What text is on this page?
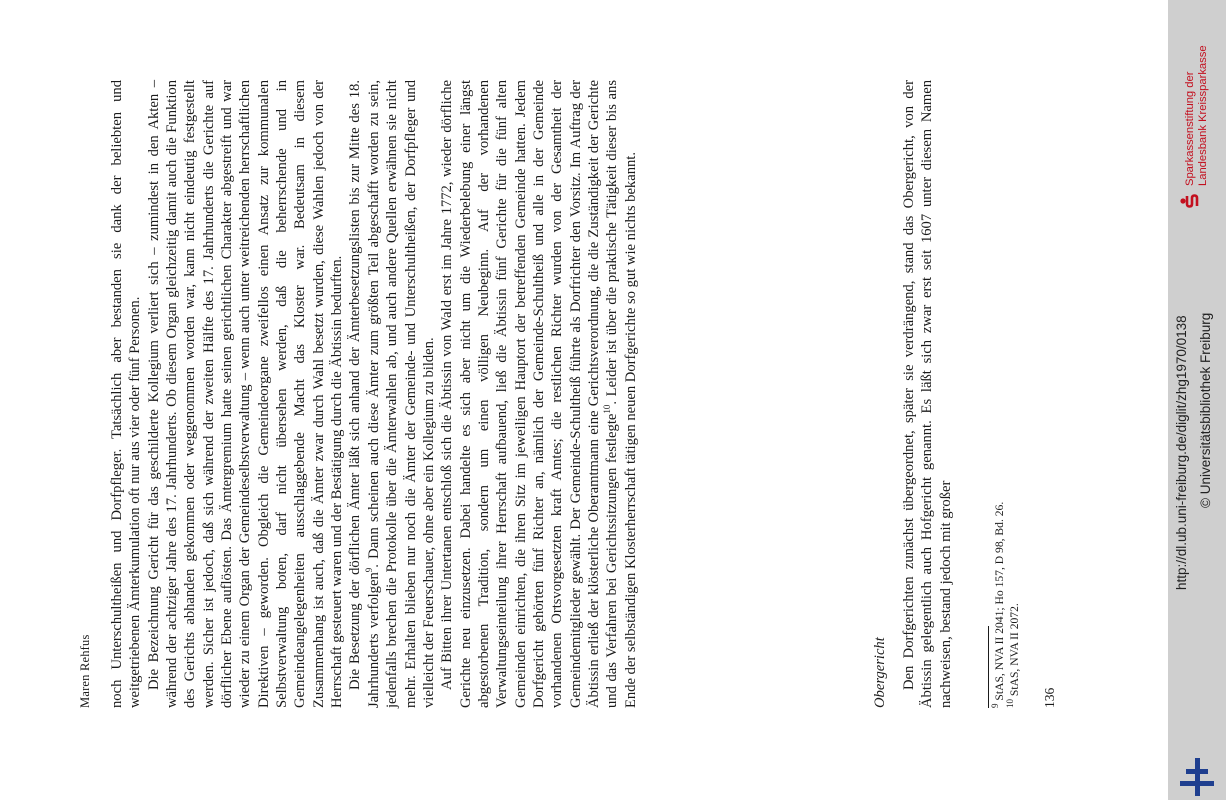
Maren Rehfus noch Unterschultheißen und Dorfpfleger. Tatsächlich aber bestanden sie dank der beliebten und weitgetriebenen Ämterkumulation oft nur aus vier oder fünf Personen. Die Bezeichnung Gericht für das geschilderte Kollegium verliert sich – zumindest in den Akten – während der achtziger Jahre des 17. Jahrhunderts. Ob diesem Organ gleichzeitig damit auch die Funktion des Gerichts abhanden gekommen oder weggenommen worden war, kann nicht eindeutig festgestellt werden. Sicher ist jedoch, daß sich während der zweiten Hälfte des 17. Jahrhunderts die Gerichte auf dörflicher Ebene auflösten. Das Ämtergremium hatte seinen gerichtlichen Charakter abgestreift und war wieder zu einem Organ der Gemeindeselbstverwaltung – wenn auch unter weitreichenden herrschaftlichen Direktiven – geworden. Obgleich die Gemeindeorgane zweifellos einen Ansatz zur kommunalen Selbstverwaltung boten, darf nicht übersehen werden, daß die beherrschende und in Gemeindeangelegenheiten ausschlaggebende Macht das Kloster war. Bedeutsam in diesem Zusammenhang ist auch, daß die Ämter zwar durch Wahl besetzt wurden, diese Wahlen jedoch von der Herrschaft gesteuert waren und der Bestätigung durch die Äbtissin bedurften. Die Besetzung der dörflichen Ämter läßt sich anhand der Ämterbesetzungslisten bis zur Mitte des 18. Jahrhunderts verfolgen$^9$. Dann scheinen auch diese Ämter zum größten Teil abgeschafft worden zu sein, jedenfalls brechen die Protokolle über die Ämterwahlen ab, und auch andere Quellen erwähnen sie nicht mehr. Erhalten blieben nur noch die Ämter der Gemeinde- und Unterschultheißen, der Dorfpfleger und vielleicht der Feuerschauer, ohne aber ein Kollegium zu bilden. Auf Bitten ihrer Untertanen entschloß sich die Äbtissin von Wald erst im Jahre 1772, wieder dörfliche Gerichte neu einzusetzen. Dabei handelte es sich aber nicht um die Wiederbelebung einer längst abgestorbenen Tradition, sondern um einen völligen Neubeginn. Auf der vorhandenen Verwaltungseinteilung ihrer Herrschaft aufbauend, ließ die Äbtissin fünf Gerichte für die fünf alten Gemeinden einrichten, die ihren Sitz im jeweiligen Hauptort der betreffenden Gemeinde hatten. Jedem Dorfgericht gehörten fünf Richter an, nämlich der Gemeinde-Schultheiß und alle in der Gemeinde vorhandenen Ortsvorgesetzten kraft Amtes; die restlichen Richter wurden von der Gesamtheit der Gemeindemitglieder gewählt. Der Gemeinde-Schultheiß führte als Dorfrichter den Vorsitz. Im Auftrag der Äbtissin erließ der klösterliche Oberamtmann eine Gerichtsverordnung, die die Zuständigkeit der Gerichte und das Verfahren bei Gerichtssitzungen festlegte$^{10}$. Leider ist über die praktische Tätigkeit dieser bis ans Ende der selbständigen Klosterherrschaft tätigen neuen Dorfgerichte so gut wie nichts bekannt.	Obergericht Den Dorfgerichten zunächst übergeordnet, später sie verdrängend, stand das Obergericht, von der Äbtissin gelegentlich auch Hofgericht genannt. Es läßt sich zwar erst seit 1607 unter diesem Namen nachweisen, bestand jedoch mit großer	$^9$ StAS, NVA II 2041; Ho 157, D 98, Bd. 26.
$^{10}$ StAS, NVA II 2072.
136
http://dl.ub.uni-freiburg.de/diglit/zhg1970/0138 © Universitätsbibliothek Freiburg
Sparkassenstiftung der Landesbank Kreissparkasse
